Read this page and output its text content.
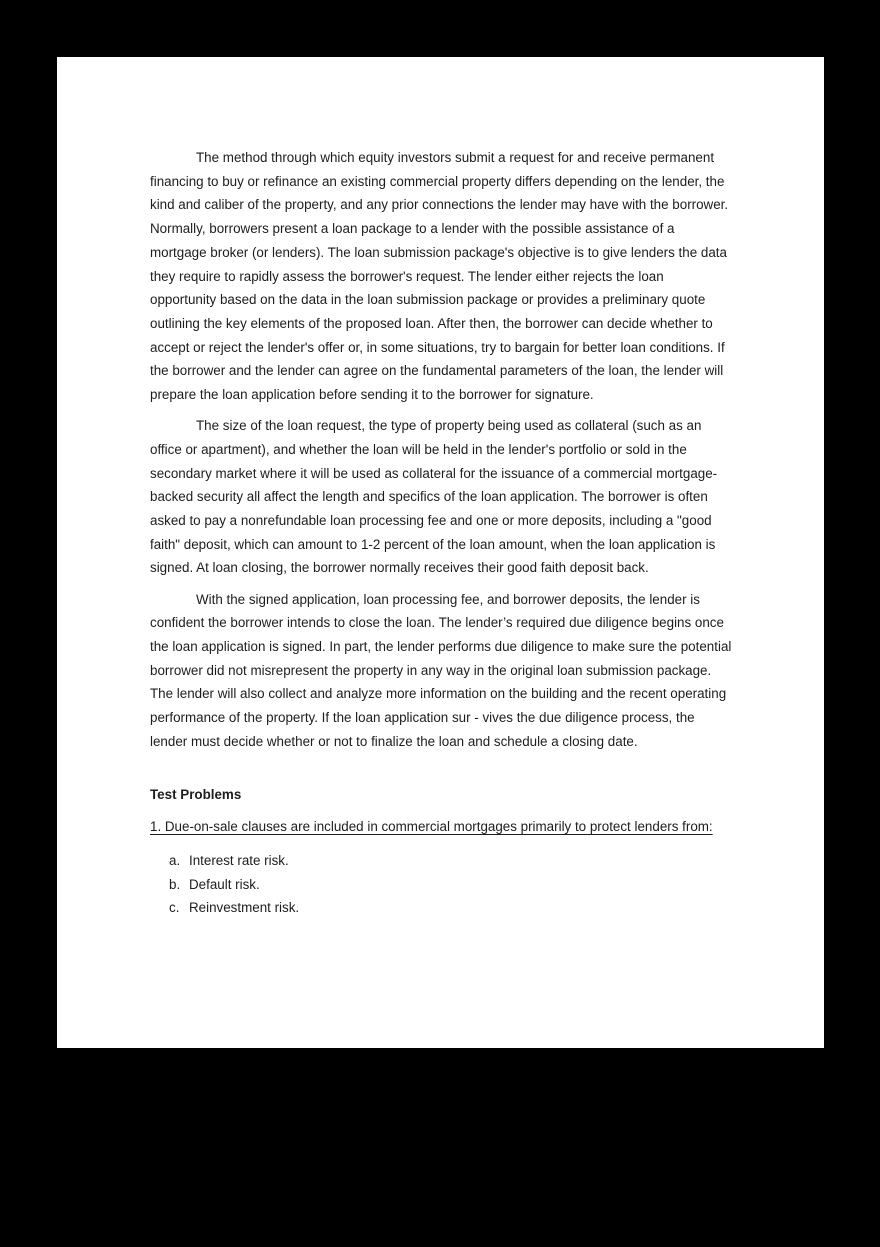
The method through which equity investors submit a request for and receive permanent financing to buy or refinance an existing commercial property differs depending on the lender, the kind and caliber of the property, and any prior connections the lender may have with the borrower. Normally, borrowers present a loan package to a lender with the possible assistance of a mortgage broker (or lenders). The loan submission package's objective is to give lenders the data they require to rapidly assess the borrower's request. The lender either rejects the loan opportunity based on the data in the loan submission package or provides a preliminary quote outlining the key elements of the proposed loan. After then, the borrower can decide whether to accept or reject the lender's offer or, in some situations, try to bargain for better loan conditions. If the borrower and the lender can agree on the fundamental parameters of the loan, the lender will prepare the loan application before sending it to the borrower for signature.

The size of the loan request, the type of property being used as collateral (such as an office or apartment), and whether the loan will be held in the lender's portfolio or sold in the secondary market where it will be used as collateral for the issuance of a commercial mortgage-backed security all affect the length and specifics of the loan application. The borrower is often asked to pay a nonrefundable loan processing fee and one or more deposits, including a "good faith" deposit, which can amount to 1-2 percent of the loan amount, when the loan application is signed. At loan closing, the borrower normally receives their good faith deposit back.

With the signed application, loan processing fee, and borrower deposits, the lender is confident the borrower intends to close the loan. The lender’s required due diligence begins once the loan application is signed. In part, the lender performs due diligence to make sure the potential borrower did not misrepresent the property in any way in the original loan submission package. The lender will also collect and analyze more information on the building and the recent operating performance of the property. If the loan application sur - vives the due diligence process, the lender must decide whether or not to finalize the loan and schedule a closing date.

Test Problems

1. Due-on-sale clauses are included in commercial mortgages primarily to protect lenders from:

a. Interest rate risk.
b. Default risk.
c. Reinvestment risk.
